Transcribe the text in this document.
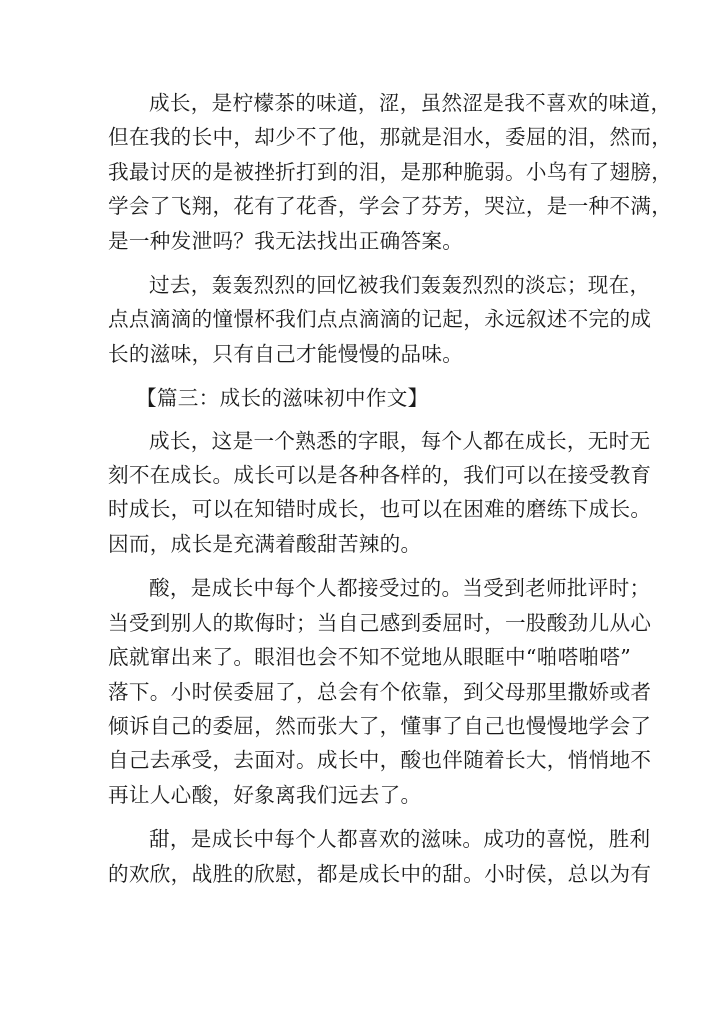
成长，是柠檬茶的味道，涩，虽然涩是我不喜欢的味道，
但在我的长中，却少不了他，那就是泪水，委屈的泪，然而，
我最讨厌的是被挫折打到的泪，是那种脆弱。小鸟有了翅膀，
学会了飞翔，花有了花香，学会了芬芳，哭泣，是一种不满，
是一种发泄吗？我无法找出正确答案。
过去，轰轰烈烈的回忆被我们轰轰烈烈的淡忘；现在，
点点滴滴的憧憬杯我们点点滴滴的记起，永远叙述不完的成
长的滋味，只有自己才能慢慢的品味。
【篇三：成长的滋味初中作文】
成长，这是一个熟悉的字眼，每个人都在成长，无时无
刻不在成长。成长可以是各种各样的，我们可以在接受教育
时成长，可以在知错时成长，也可以在困难的磨练下成长。
因而，成长是充满着酸甜苦辣的。
酸，是成长中每个人都接受过的。当受到老师批评时；
当受到别人的欺侮时；当自己感到委屈时，一股酸劲儿从心
底就窜出来了。眼泪也会不知不觉地从眼眶中“啪嗒啪嗒”
落下。小时侯委屈了，总会有个依靠，到父母那里撒娇或者
倾诉自己的委屈，然而张大了，懂事了自己也慢慢地学会了
自己去承受，去面对。成长中，酸也伴随着长大，悄悄地不
再让人心酸，好象离我们远去了。
甜，是成长中每个人都喜欢的滋味。成功的喜悦，胜利
的欢欣，战胜的欣慰，都是成长中的甜。小时侯，总以为有
